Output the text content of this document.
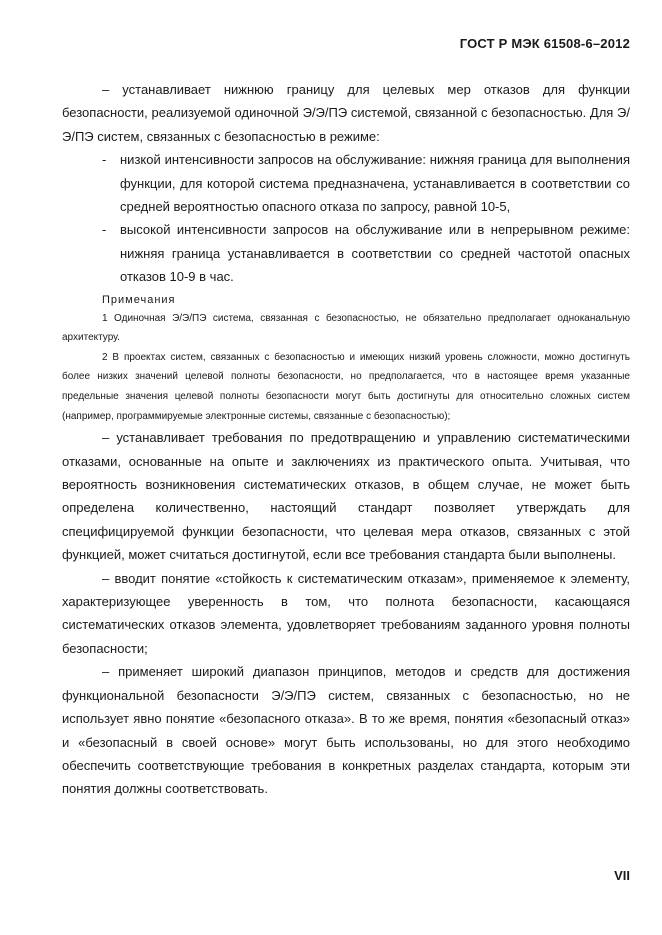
ГОСТ Р МЭК 61508-6–2012

– устанавливает нижнюю границу для целевых мер отказов для функции безопасности, реализуемой одиночной Э/Э/ПЭ системой, связанной с безопасностью. Для Э/Э/ПЭ систем, связанных с безопасностью в режиме:

-	низкой интенсивности запросов на обслуживание: нижняя граница для выполнения функции, для которой система предназначена, устанавливается в соответствии со средней вероятностью опасного отказа по запросу, равной 10-5,
-	высокой интенсивности запросов на обслуживание или в непрерывном режиме: нижняя граница устанавливается в соответствии со средней частотой опасных отказов 10-9 в час.
Примечания

1 Одиночная Э/Э/ПЭ система, связанная с безопасностью, не обязательно предполагает одноканальную архитектуру.

2 В проектах систем, связанных с безопасностью и имеющих низкий уровень сложности, можно достигнуть более низких значений целевой полноты безопасности, но предполагается, что в настоящее время указанные предельные значения целевой полноты безопасности могут быть достигнуты для относительно сложных систем (например, программируемые электронные системы, связанные с безопасностью);

– устанавливает требования по предотвращению и управлению систематическими отказами, основанные на опыте и заключениях из практического опыта. Учитывая, что вероятность возникновения систематических отказов, в общем случае, не может быть определена количественно, настоящий стандарт позволяет утверждать для специфицируемой функции безопасности, что целевая мера отказов, связанных с этой функцией, может считаться достигнутой, если все требования стандарта были выполнены.

– вводит понятие «стойкость к систематическим отказам», применяемое к элементу, характеризующее уверенность в том, что полнота безопасности, касающаяся систематических отказов элемента, удовлетворяет требованиям заданного уровня полноты безопасности;

– применяет широкий диапазон принципов, методов и средств для достижения функциональной безопасности Э/Э/ПЭ систем, связанных с безопасностью, но не использует явно понятие «безопасного отказа». В то же время, понятия «безопасный отказ» и «безопасный в своей основе» могут быть использованы, но для этого необходимо обеспечить соответствующие требования в конкретных разделах стандарта, которым эти понятия должны соответствовать.

VII
